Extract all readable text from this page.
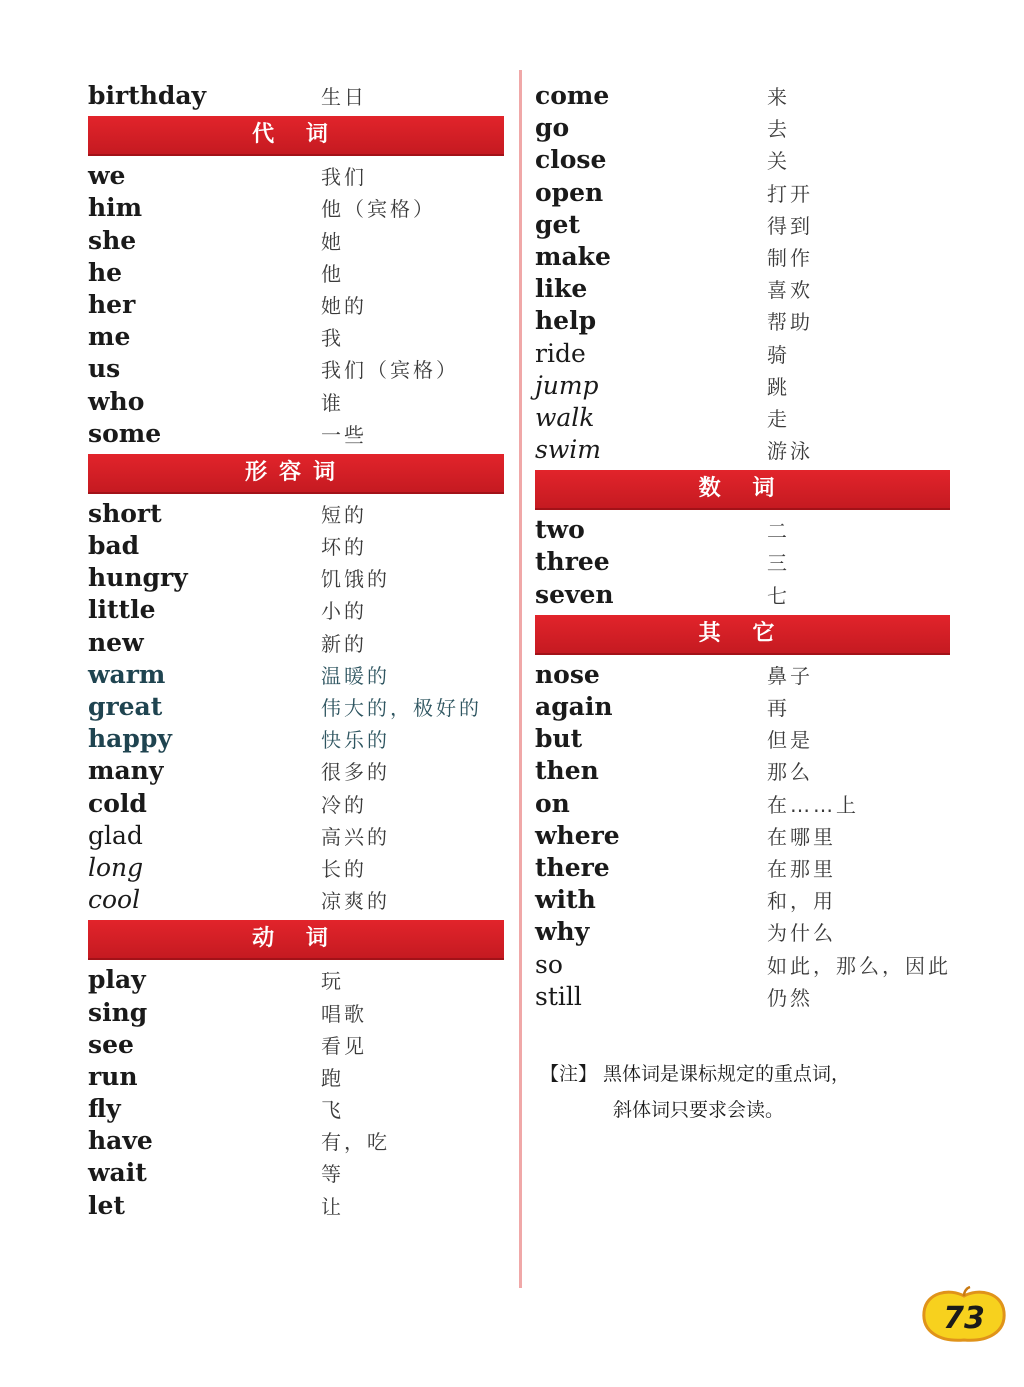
birthday	生日
代 词
we	我们
him	他（宾格）
she	她
he	他
her	她的
me	我
us	我们（宾格）
who	谁
some	一些
形容词
short	短的
bad	坏的
hungry	饥饿的
little	小的
new	新的
warm	温暖的
great	伟大的，极好的
happy	快乐的
many	很多的
cold	冷的
glad	高兴的
long	长的
cool	凉爽的
动 词
play	玩
sing	唱歌
see	看见
run	跑
fly	飞
have	有，吃
wait	等
let	让
come	来
go	去
close	关
open	打开
get	得到
make	制作
like	喜欢
help	帮助
ride	骑
jump	跳
walk	走
swim	游泳
数 词
two	二
three	三
seven	七
其 它
nose	鼻子
again	再
but	但是
then	那么
on	在……上
where	在哪里
there	在那里
with	和，用
why	为什么
so	如此，那么，因此
still	仍然
【注】 黑体词是课标规定的重点词，
斜体词只要求会读。
73
